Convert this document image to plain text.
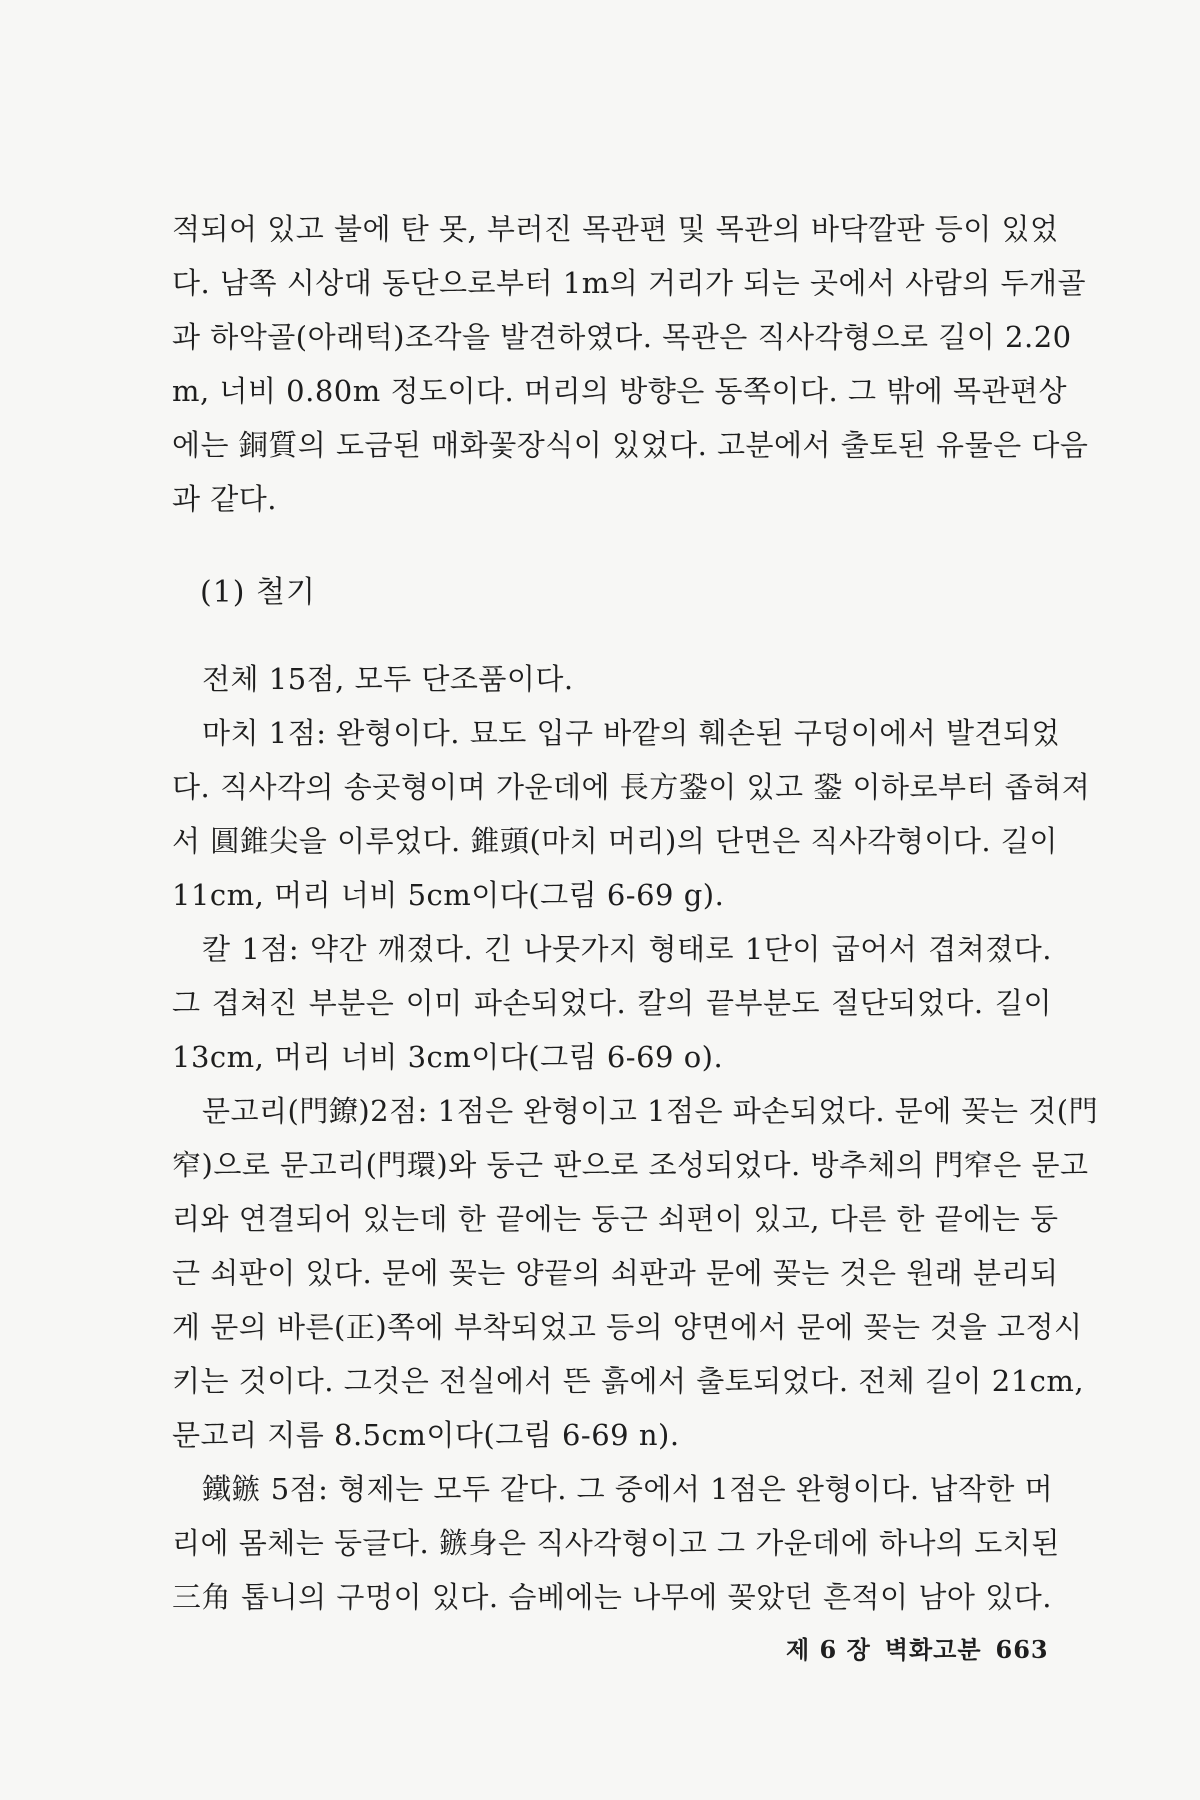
적되어 있고 불에 탄 못, 부러진 목관편 및 목관의 바닥깔판 등이 있었
다. 남쪽 시상대 동단으로부터 1m의 거리가 되는 곳에서 사람의 두개골
과 하악골(아래턱)조각을 발견하였다. 목관은 직사각형으로 길이 2.20
m, 너비 0.80m 정도이다. 머리의 방향은 동쪽이다. 그 밖에 목관편상
에는 銅質의 도금된 매화꽃장식이 있었다. 고분에서 출토된 유물은 다음
과 같다.
(1) 철기
전체 15점, 모두 단조품이다.
마치 1점: 완형이다. 묘도 입구 바깥의 훼손된 구덩이에서 발견되었
다. 직사각의 송곳형이며 가운데에 長方銎이 있고 銎 이하로부터 좁혀져
서 圓錐尖을 이루었다. 錐頭(마치 머리)의 단면은 직사각형이다. 길이
11cm, 머리 너비 5cm이다(그림 6-69 g).
칼 1점: 약간 깨졌다. 긴 나뭇가지 형태로 1단이 굽어서 겹쳐졌다.
그 겹쳐진 부분은 이미 파손되었다. 칼의 끝부분도 절단되었다. 길이
13cm, 머리 너비 3cm이다(그림 6-69 o).
문고리(門鐐)2점: 1점은 완형이고 1점은 파손되었다. 문에 꽂는 것(門
窄)으로 문고리(門環)와 둥근 판으로 조성되었다. 방추체의 門窄은 문고
리와 연결되어 있는데 한 끝에는 둥근 쇠편이 있고, 다른 한 끝에는 둥
근 쇠판이 있다. 문에 꽂는 양끝의 쇠판과 문에 꽂는 것은 원래 분리되
게 문의 바른(正)쪽에 부착되었고 등의 양면에서 문에 꽂는 것을 고정시
키는 것이다. 그것은 전실에서 뜬 흙에서 출토되었다. 전체 길이 21cm,
문고리 지름 8.5cm이다(그림 6-69 n).
鐵鏃 5점: 형제는 모두 같다. 그 중에서 1점은 완형이다. 납작한 머
리에 몸체는 둥글다. 鏃身은 직사각형이고 그 가운데에 하나의 도치된
三角 톱니의 구멍이 있다. 슴베에는 나무에 꽂았던 흔적이 남아 있다.
제 6 장 벽화고분 663
